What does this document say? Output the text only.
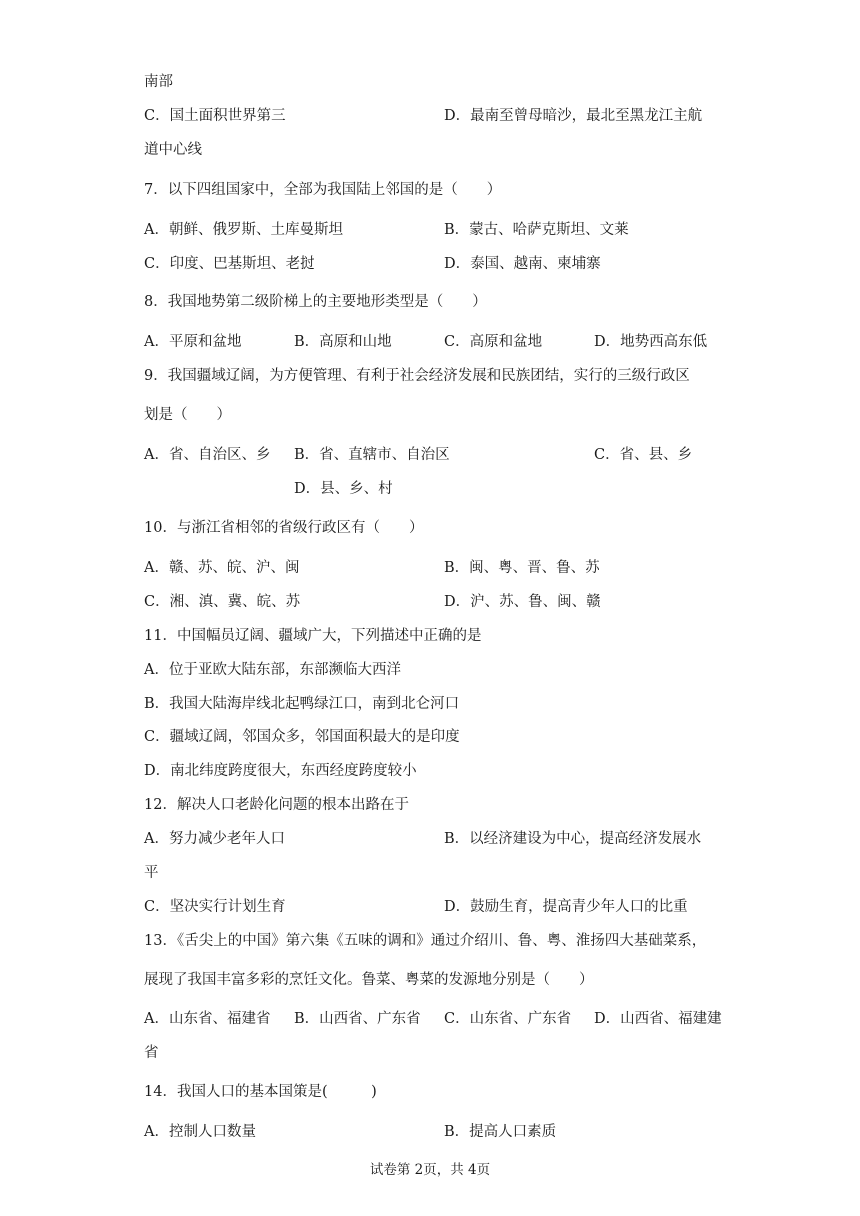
南部
C．国土面积世界第三	D．最南至曾母暗沙，最北至黑龙江主航
道中心线
7．以下四组国家中，全部为我国陆上邻国的是（　　）
A．朝鲜、俄罗斯、土库曼斯坦	B．蒙古、哈萨克斯坦、文莱
C．印度、巴基斯坦、老挝	D．泰国、越南、柬埔寨
8．我国地势第二级阶梯上的主要地形类型是（　　）
A．平原和盆地	B．高原和山地	C．高原和盆地	D．地势西高东低
9．我国疆域辽阔，为方便管理、有利于社会经济发展和民族团结，实行的三级行政区
划是（　　）
A．省、自治区、乡 B．省、直辖市、自治区	C．省、县、乡
D．县、乡、村
10．与浙江省相邻的省级行政区有（　　）
A．赣、苏、皖、沪、闽	B．闽、粤、晋、鲁、苏
C．湘、滇、冀、皖、苏	D．沪、苏、鲁、闽、赣
11．中国幅员辽阔、疆域广大，下列描述中正确的是
A．位于亚欧大陆东部，东部濒临大西洋
B．我国大陆海岸线北起鸭绿江口，南到北仑河口
C．疆域辽阔，邻国众多，邻国面积最大的是印度
D．南北纬度跨度很大，东西经度跨度较小
12．解决人口老龄化问题的根本出路在于
A．努力减少老年人口	B．以经济建设为中心，提高经济发展水
平
C．坚决实行计划生育	D．鼓励生育，提高青少年人口的比重
13．《舌尖上的中国》第六集《五味的调和》通过介绍川、鲁、粤、淮扬四大基础菜系，
展现了我国丰富多彩的烹饪文化。鲁菜、粤菜的发源地分别是（　　）
A．山东省、福建省 B．山西省、广东省 C．山东省、广东省 D．山西省、福建建
省
14．我国人口的基本国策是(　　　)
A．控制人口数量	B．提高人口素质
试卷第 2页，共 4页
